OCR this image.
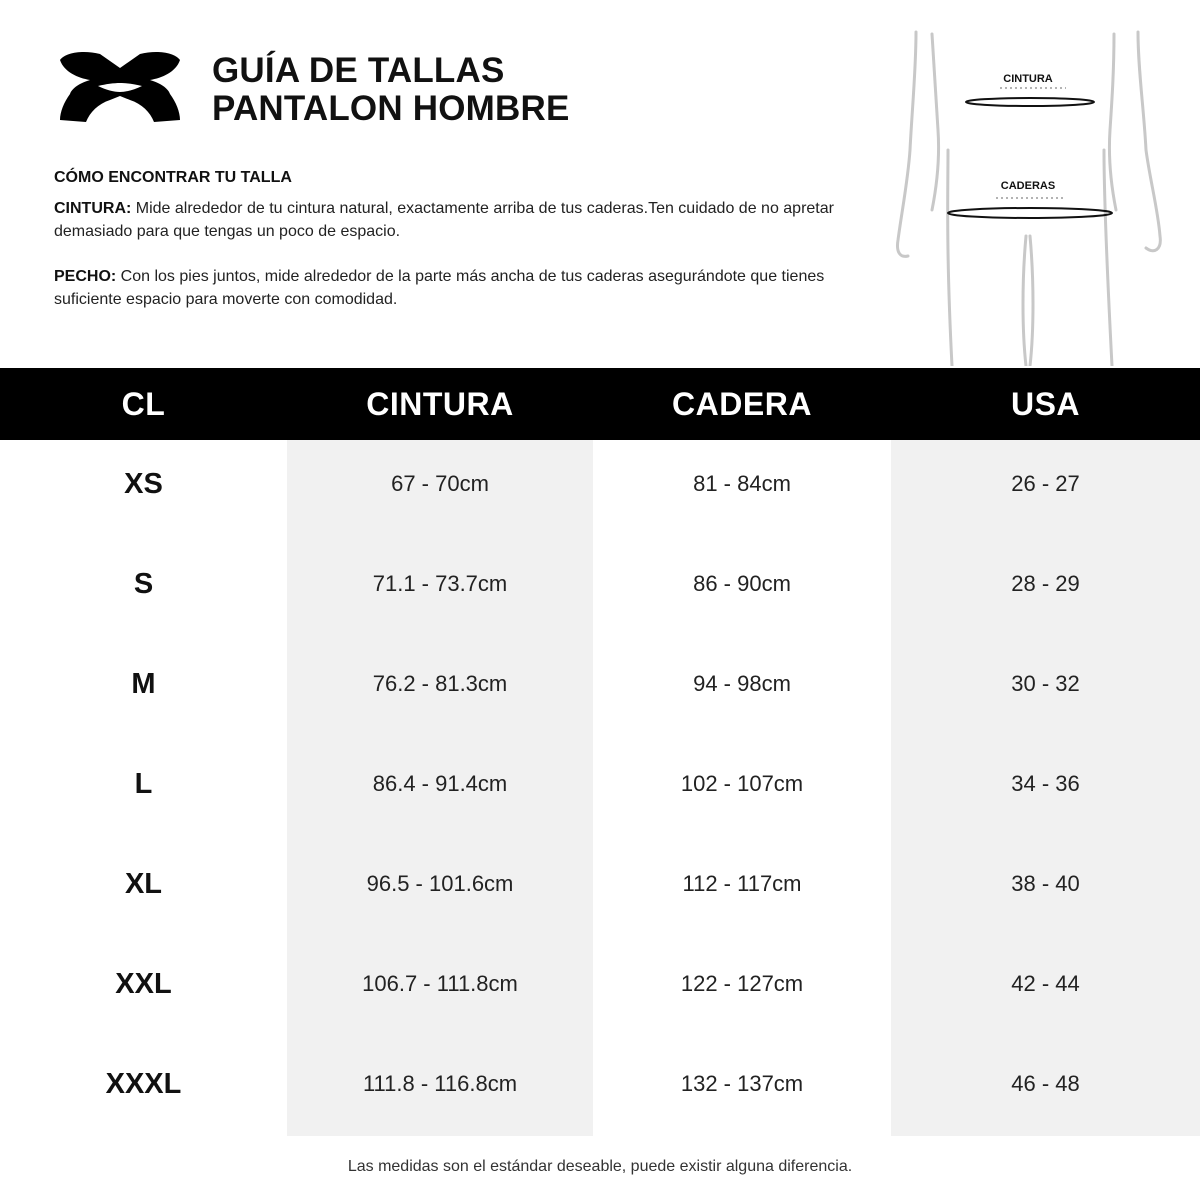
GUÍA DE TALLAS
PANTALON HOMBRE
CÓMO ENCONTRAR TU TALLA

CINTURA: Mide alrededor de tu cintura natural, exactamente arriba de tus caderas.Ten cuidado de no apretar demasiado para que tengas un poco de espacio.

PECHO: Con los pies juntos, mide alrededor de la parte más ancha de tus caderas asegurándote que tienes suficiente espacio para moverte con comodidad.

CINTURA
CADERAS
CL	CINTURA	CADERA	USA
XS	67 - 70cm	81 - 84cm	26 - 27
S	71.1 - 73.7cm	86 - 90cm	28 - 29
M	76.2 - 81.3cm	94 - 98cm	30 - 32
L	86.4 - 91.4cm	102 - 107cm	34 - 36
XL	96.5 - 101.6cm	112 - 117cm	38 - 40
XXL	106.7 - 111.8cm	122 - 127cm	42 - 44
XXXL	111.8 - 116.8cm	132 - 137cm	46 - 48
Las medidas son el estándar deseable, puede existir alguna diferencia.
